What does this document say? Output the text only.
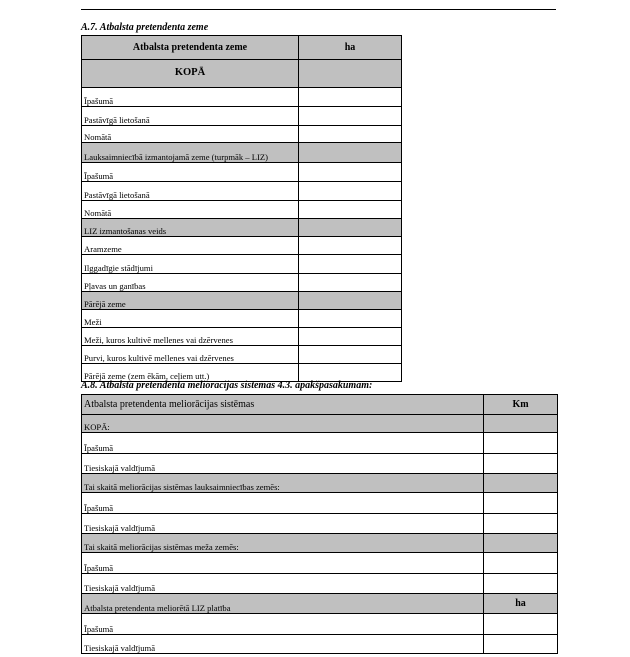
A.7. Atbalsta pretendenta zeme
Atbalsta pretendenta zeme	ha
KOPĀ	
Īpašumā	
Pastāvīgā lietošanā	
Nomātā	
Lauksaimniecībā izmantojamā zeme (turpmāk – LIZ)	
Īpašumā	
Pastāvīgā lietošanā	
Nomātā	
LIZ izmantošanas veids	
Aramzeme	
Ilggadīgie stādījumi	
Pļavas un ganības	
Pārējā zeme	
Meži	
Meži, kuros kultivē mellenes vai dzērvenes	
Purvi, kuros kultivē mellenes vai dzērvenes	
Pārējā zeme (zem ēkām, ceļiem utt.)	
A.8. Atbalsta pretendenta meliorācijas sistēmas 4.3. apakšpasākumam:
Atbalsta pretendenta meliorācijas sistēmas	Km
KOPĀ:	
Īpašumā	
Tiesiskajā valdījumā	
Tai skaitā meliorācijas sistēmas lauksaimniecības zemēs:	
Īpašumā	
Tiesiskajā valdījumā	
Tai skaitā meliorācijas sistēmas meža zemēs:	
Īpašumā	
Tiesiskajā valdījumā	
Atbalsta pretendenta meliorētā LIZ platība	ha
Īpašumā	
Tiesiskajā valdījumā	
